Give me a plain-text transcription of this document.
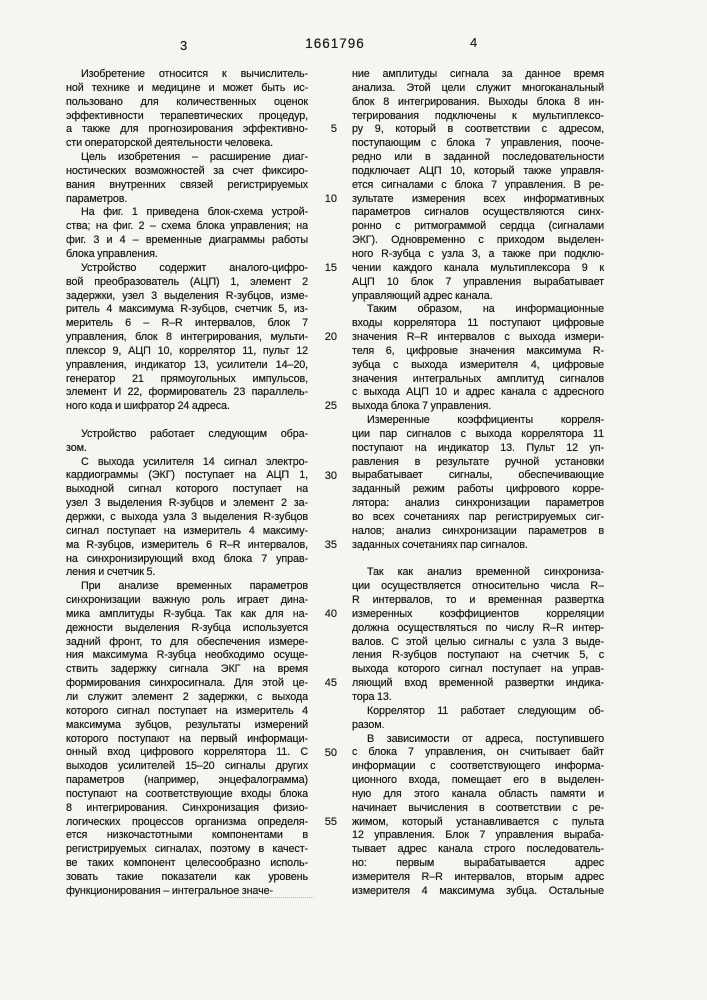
3	1661796	4
5
10
15
20
25
30
35
40
45
50
55
Изобретение относится к вычислитель-
ной технике и медицине и может быть ис-
пользовано для количественных оценок
эффективности терапевтических процедур,
а также для прогнозирования эффективно-
сти операторской деятельности человека.
Цель изобретения – расширение диаг-
ностических возможностей за счет фиксиро-
вания внутренних связей регистрируемых
параметров.
На фиг. 1 приведена блок-схема устрой-
ства; на фиг. 2 – схема блока управления; на
фиг. 3 и 4 – временные диаграммы работы
блока управления.
Устройство содержит аналого-цифро-
вой преобразователь (АЦП) 1, элемент 2
задержки, узел 3 выделения R-зубцов, изме-
ритель 4 максимума R-зубцов, счетчик 5, из-
меритель 6 – R–R интервалов, блок 7
управления, блок 8 интегрирования, мульти-
плексор 9, АЦП 10, коррелятор 11, пульт 12
управления, индикатор 13, усилители 14–20,
генератор 21 прямоугольных импульсов,
элемент И 22, формирователь 23 параллель-
ного кода и шифратор 24 адреса.
Устройство работает следующим обра-
зом.
С выхода усилителя 14 сигнал электро-
кардиограммы (ЭКГ) поступает на АЦП 1,
выходной сигнал которого поступает на
узел 3 выделения R-зубцов и элемент 2 за-
держки, с выхода узла 3 выделения R-зубцов
сигнал поступает на измеритель 4 максиму-
ма R-зубцов, измеритель 6 R–R интервалов,
на синхронизирующий вход блока 7 управ-
ления и счетчик 5.
При анализе временных параметров
синхронизации важную роль играет дина-
мика амплитуды R-зубца. Так как для на-
дежности выделения R-зубца используется
задний фронт, то для обеспечения измере-
ния максимума R-зубца необходимо осуще-
ствить задержку сигнала ЭКГ на время
формирования синхросигнала. Для этой це-
ли служит элемент 2 задержки, с выхода
которого сигнал поступает на измеритель 4
максимума зубцов, результаты измерений
которого поступают на первый информаци-
онный вход цифрового коррелятора 11. С
выходов усилителей 15–20 сигналы других
параметров (например, энцефалограмма)
поступают на соответствующие входы блока
8 интегрирования. Синхронизация физио-
логических процессов организма определя-
ется низкочастотными компонентами в
регистрируемых сигналах, поэтому в качест-
ве таких компонент целесообразно исполь-
зовать такие показатели как уровень
функционирования – интегральное значе-
ние амплитуды сигнала за данное время
анализа. Этой цели служит многоканальный
блок 8 интегрирования. Выходы блока 8 ин-
тегрирования подключены к мультиплексо-
ру 9, который в соответствии с адресом,
поступающим с блока 7 управления, пооче-
редно или в заданной последовательности
подключает АЦП 10, который также управля-
ется сигналами с блока 7 управления. В ре-
зультате измерения всех информативных
параметров сигналов осуществляются синх-
ронно с ритмограммой сердца (сигналами
ЭКГ). Одновременно с приходом выделен-
ного R-зубца с узла 3, а также при подклю-
чении каждого канала мультиплексора 9 к
АЦП 10 блок 7 управления вырабатывает
управляющий адрес канала.
Таким образом, на информационные
входы коррелятора 11 поступают цифровые
значения R–R интервалов с выхода измери-
теля 6, цифровые значения максимума R-
зубца с выхода измерителя 4, цифровые
значения интегральных амплитуд сигналов
с выхода АЦП 10 и адрес канала с адресного
выхода блока 7 управления.
Измеренные коэффициенты корреля-
ции пар сигналов с выхода коррелятора 11
поступают на индикатор 13. Пульт 12 уп-
равления в результате ручной установки
вырабатывает сигналы, обеспечивающие
заданный режим работы цифрового корре-
лятора: анализ синхронизации параметров
во всех сочетаниях пар регистрируемых сиг-
налов; анализ синхронизации параметров в
заданных сочетаниях пар сигналов.
Так как анализ временной синхрониза-
ции осуществляется относительно числа R–
R интервалов, то и временная развертка
измеренных коэффициентов корреляции
должна осуществляться по числу R–R интер-
валов. С этой целью сигналы с узла 3 выде-
ления R-зубцов поступают на счетчик 5, с
выхода которого сигнал поступает на управ-
ляющий вход временной развертки индика-
тора 13.
Коррелятор 11 работает следующим об-
разом.
В зависимости от адреса, поступившего
с блока 7 управления, он считывает байт
информации с соответствующего информа-
ционного входа, помещает его в выделен-
ную для этого канала область памяти и
начинает вычисления в соответствии с ре-
жимом, который устанавливается с пульта
12 управления. Блок 7 управления выраба-
тывает адрес канала строго последователь-
но: первым вырабатывается адрес
измерителя R–R интервалов, вторым адрес
измерителя 4 максимума зубца. Остальные
